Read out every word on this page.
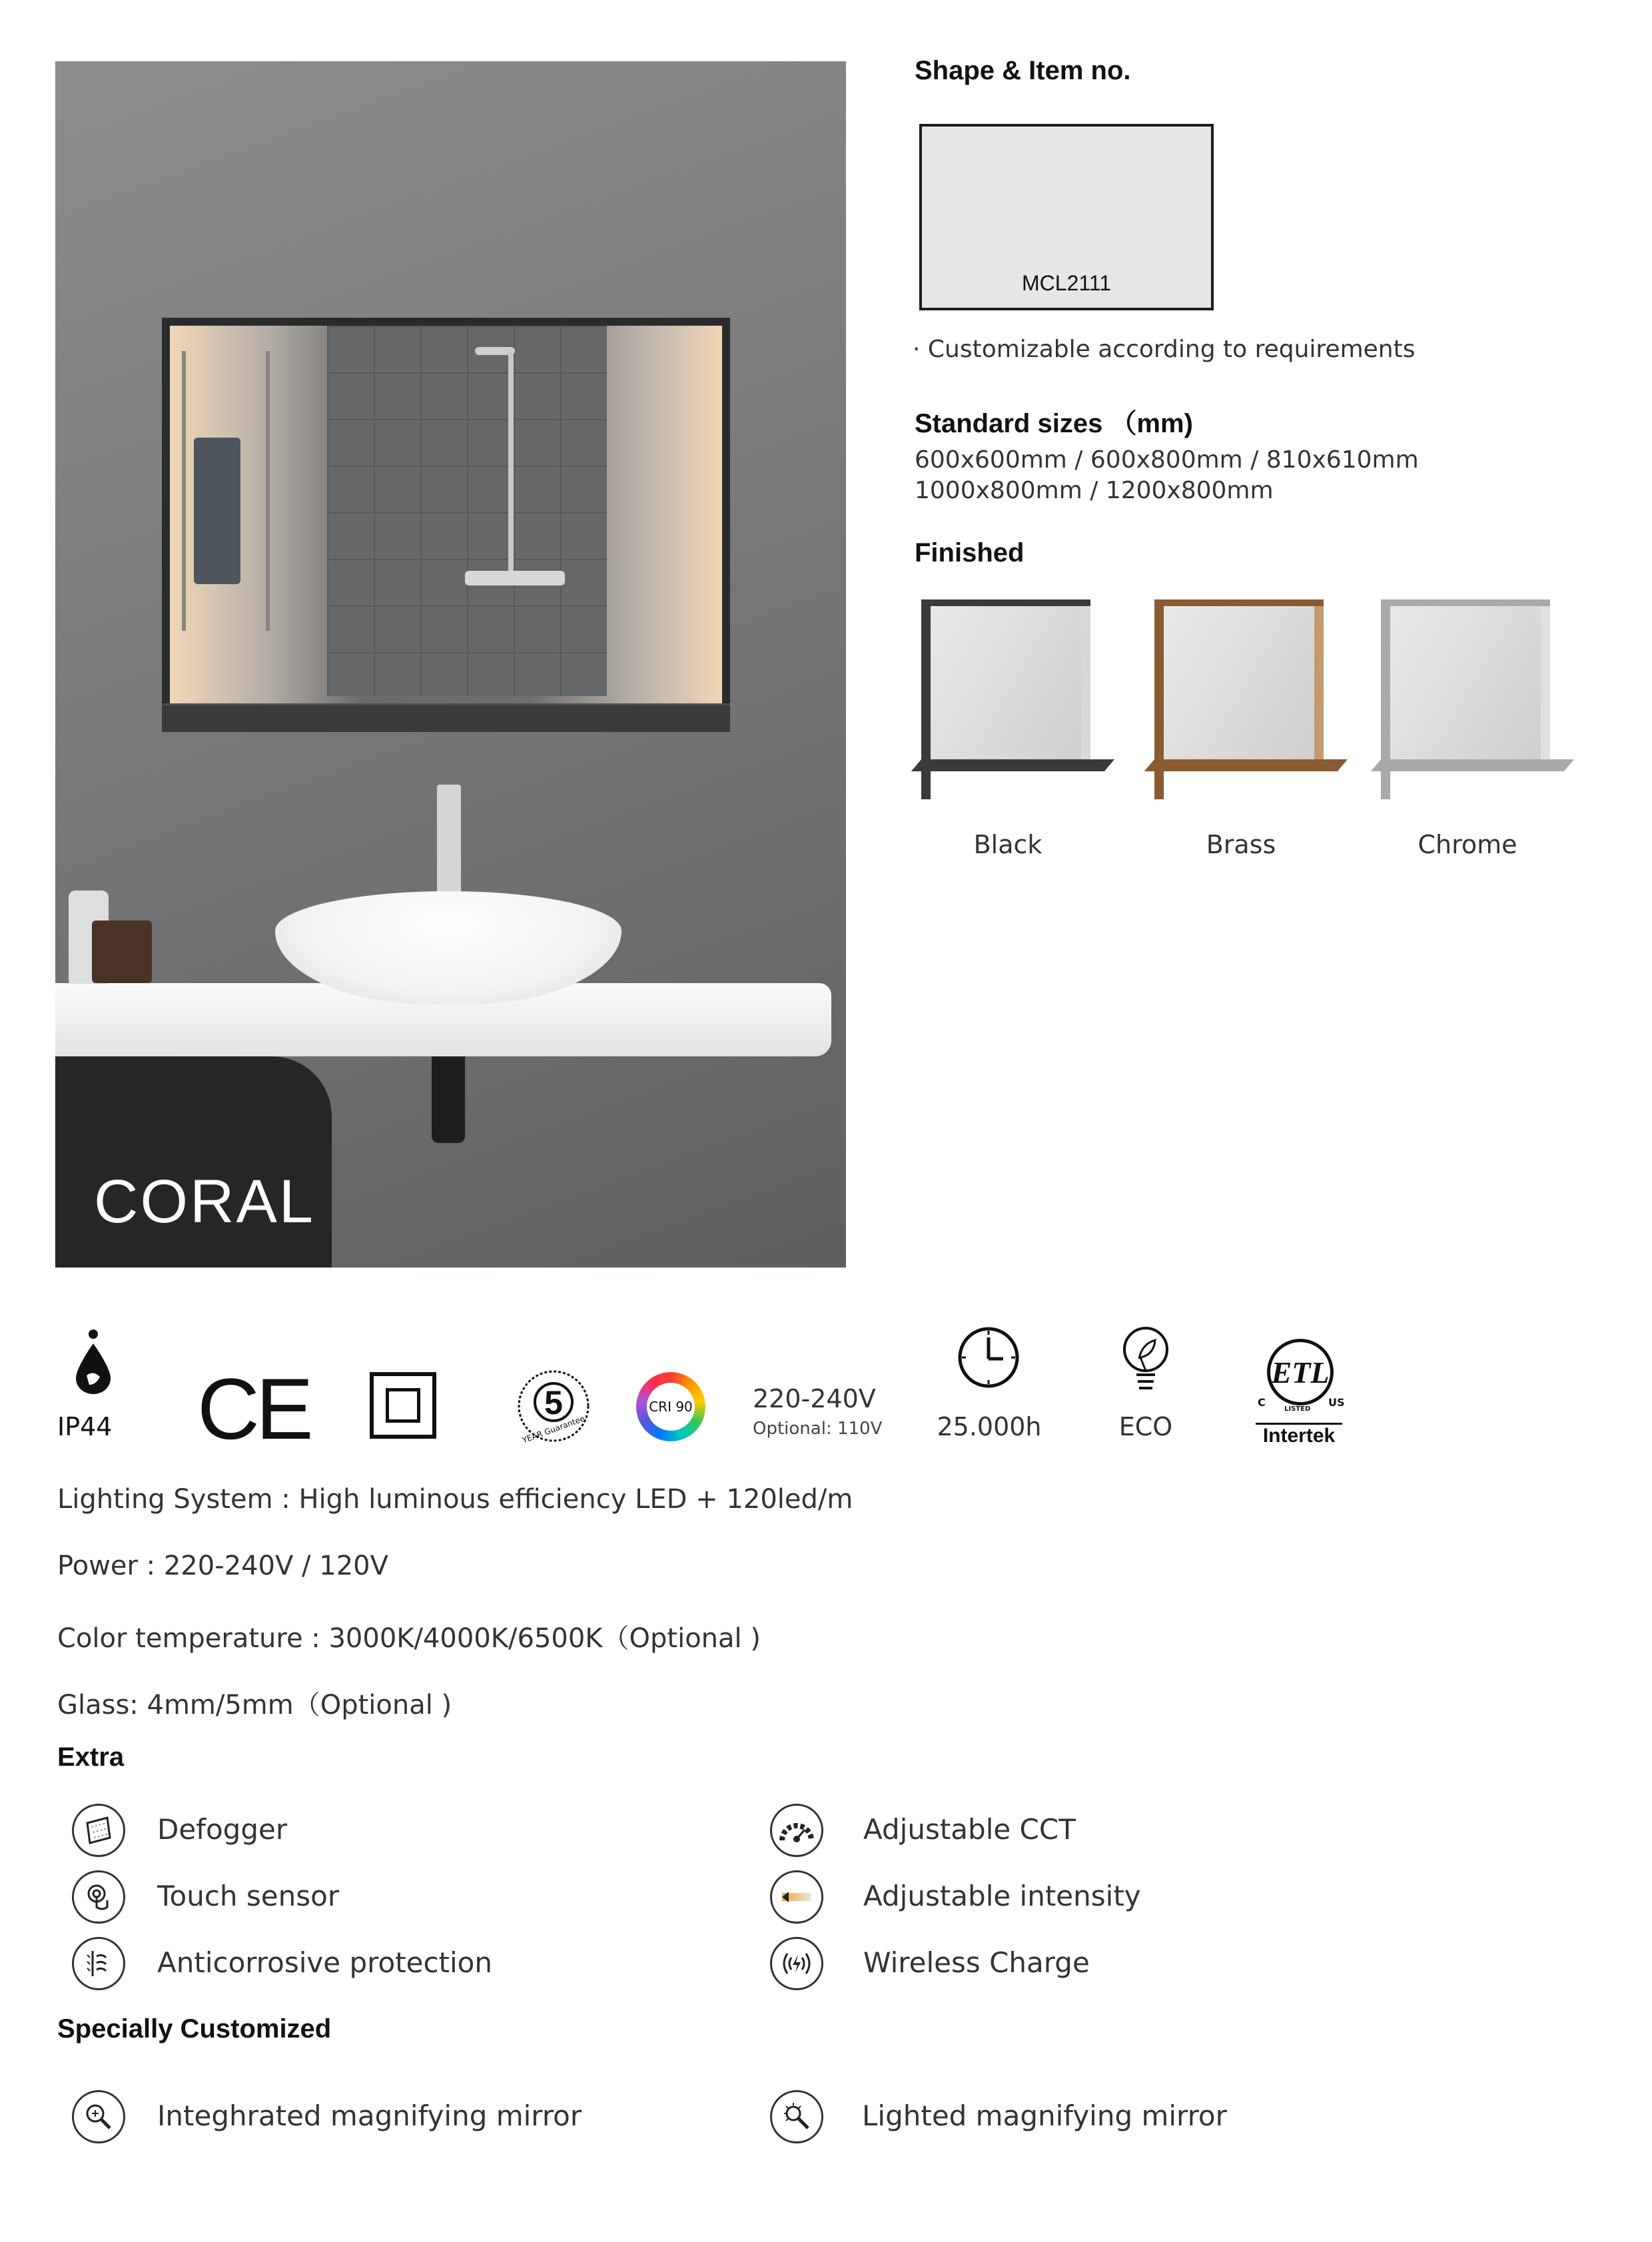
CORAL
Shape & Item no.
MCL2111
· Customizable according to requirements
Standard sizes （mm)
600x600mm / 600x800mm / 810x610mm
1000x800mm / 1200x800mm
Finished
Black	Brass	Chrome
IP44 CE	5
YEAR Guarantee
CRI 90 220-240V
Optional: 110V	25.000h	ECO
ETL
C	US
LISTED
Intertek
Lighting System : High luminous efficiency LED + 120led/m
Power : 220-240V / 120V
Color temperature : 3000K/4000K/6500K（Optional )
Glass: 4mm/5mm（Optional )
Extra
Defogger
Touch sensor
Anticorrosive protection
Adjustable CCT
Adjustable intensity
Wireless Charge
Specially Customized
Integhrated magnifying mirror	Lighted magnifying mirror
